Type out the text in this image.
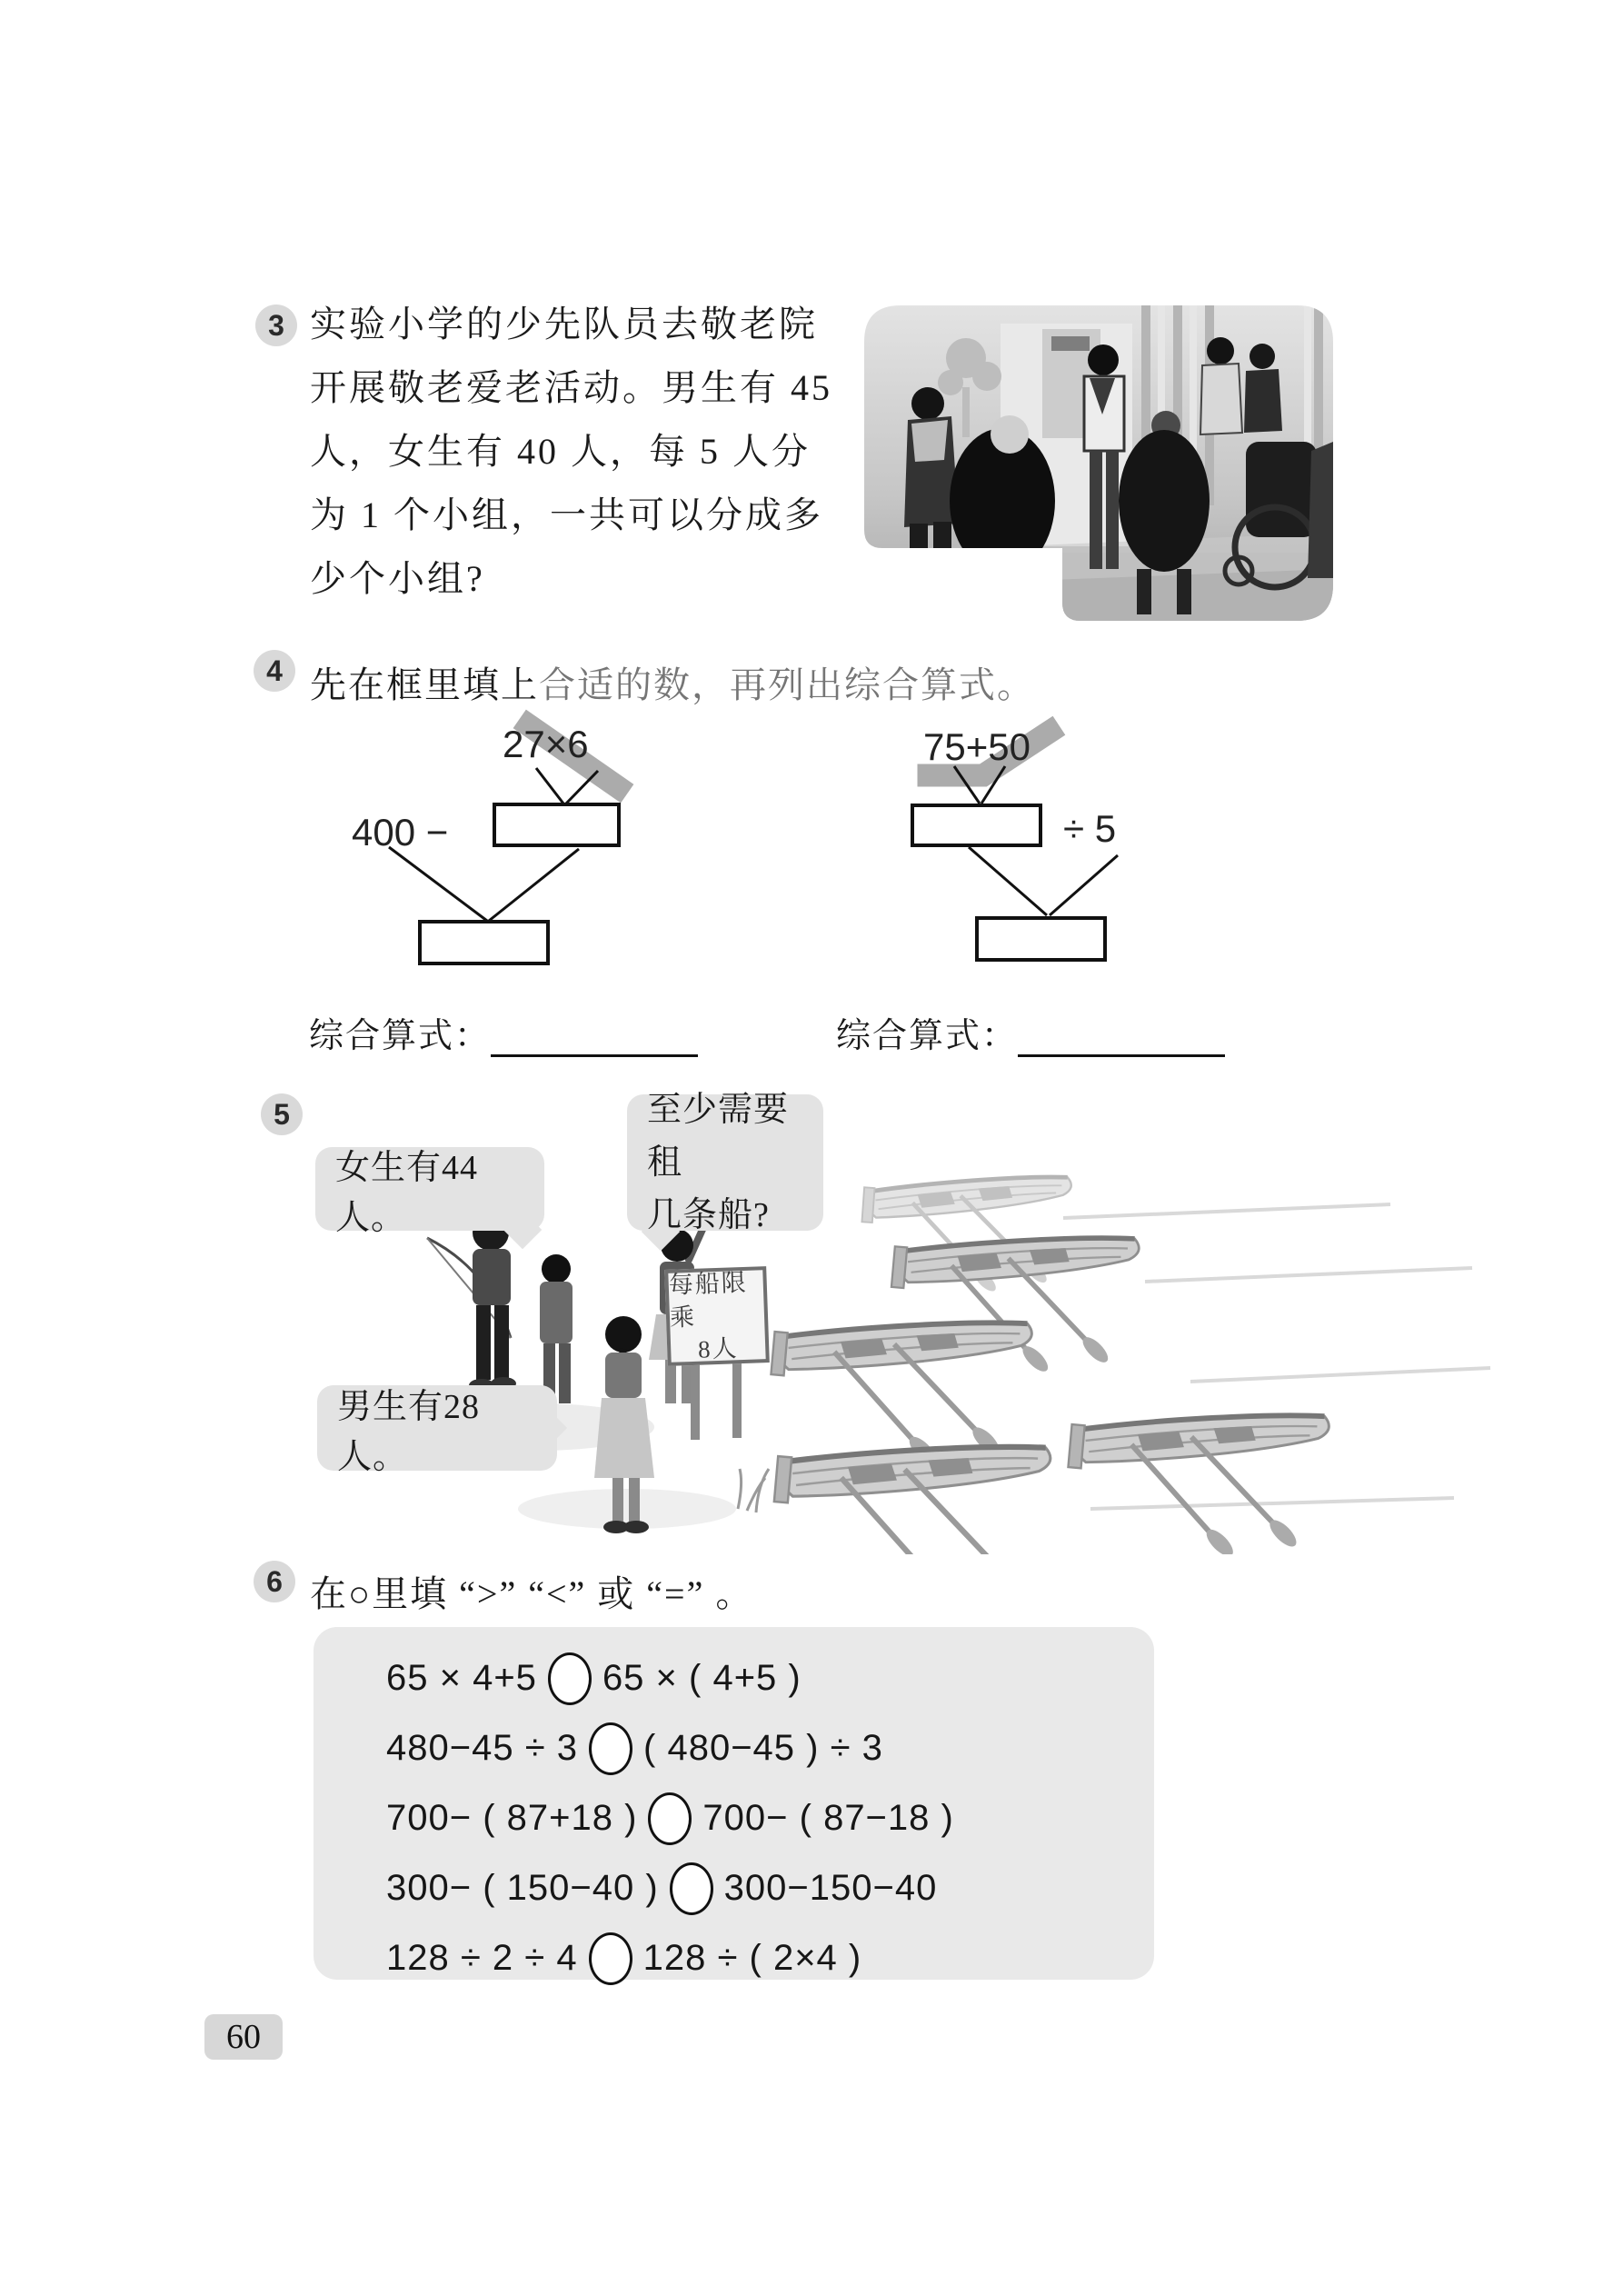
3 实验小学的少先队员去敬老院
开展敬老爱老活动。男生有 45
人，女生有 40 人，每 5 人分
为 1 个小组，一共可以分成多
少个小组?
4 先在框里填上合适的数，再列出综合算式。
27×6
400 −
75+50
÷ 5
综合算式：	综合算式：
5
每船限乘
8人
女生有44人。
至少需要租
几条船?
男生有28人。
6 在○里填 “>” “<” 或 “=” 。
65 × 4+5 65 × ( 4+5 )
480−45 ÷ 3 ( 480−45 ) ÷ 3
700− ( 87+18 ) 700− ( 87−18 )
300− ( 150−40 ) 300−150−40
128 ÷ 2 ÷ 4 128 ÷ ( 2×4 )
60
